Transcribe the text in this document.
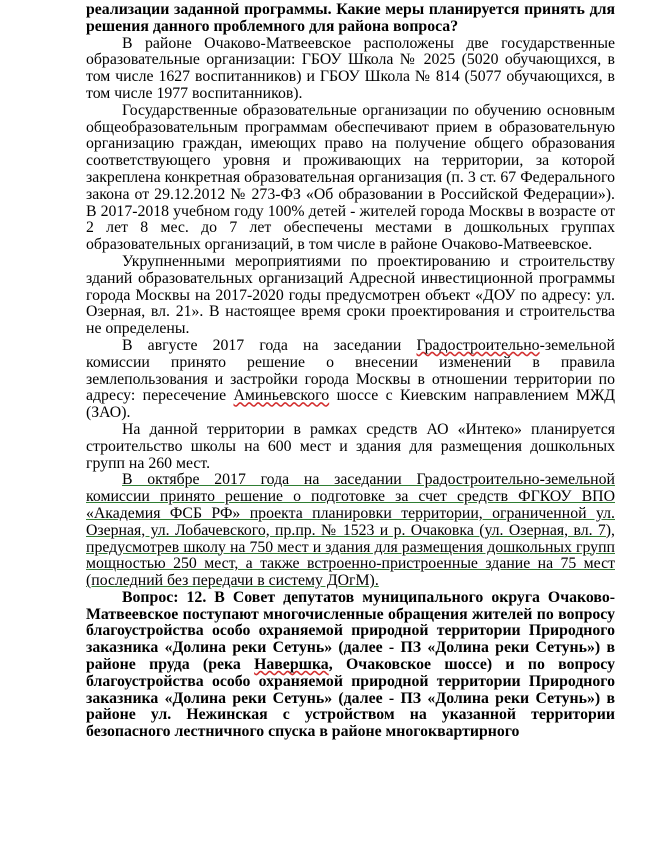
реализации заданной программы. Какие меры планируется принять для решения данного проблемного для района вопроса?

В районе Очаково-Матвеевское расположены две государственные образовательные организации: ГБОУ Школа № 2025 (5020 обучающихся, в том числе 1627 воспитанников) и ГБОУ Школа № 814 (5077 обучающихся, в том числе 1977 воспитанников).

Государственные образовательные организации по обучению основным общеобразовательным программам обеспечивают прием в образовательную организацию граждан, имеющих право на получение общего образования соответствующего уровня и проживающих на территории, за которой закреплена конкретная образовательная организация (п. 3 ст. 67 Федерального закона от 29.12.2012 № 273-ФЗ «Об образовании в Российской Федерации»). В 2017-2018 учебном году 100% детей - жителей города Москвы в возрасте от 2 лет 8 мес. до 7 лет обеспечены местами в дошкольных группах образовательных организаций, в том числе в районе Очаково-Матвеевское.

Укрупненными мероприятиями по проектированию и строительству зданий образовательных организаций Адресной инвестиционной программы города Москвы на 2017-2020 годы предусмотрен объект «ДОУ по адресу: ул. Озерная, вл. 21». В настоящее время сроки проектирования и строительства не определены.

В августе 2017 года на заседании Градостроительно-земельной комиссии принято решение о внесении изменений в правила землепользования и застройки города Москвы в отношении территории по адресу: пересечение Аминьевского шоссе с Киевским направлением МЖД (ЗАО).

На данной территории в рамках средств АО «Интеко» планируется строительство школы на 600 мест и здания для размещения дошкольных групп на 260 мест.

В октябре 2017 года на заседании Градостроительно-земельной комиссии принято решение о подготовке за счет средств ФГКОУ ВПО «Академия ФСБ РФ» проекта планировки территории, ограниченной ул. Озерная, ул. Лобачевского, пр.пр. № 1523 и р. Очаковка (ул. Озерная, вл. 7), предусмотрев школу на 750 мест и здания для размещения дошкольных групп мощностью 250 мест, а также встроенно-пристроенные здание на 75 мест (последний без передачи в систему ДОгМ).

Вопрос: 12. В Совет депутатов муниципального округа Очаково-Матвеевское поступают многочисленные обращения жителей по вопросу благоустройства особо охраняемой природной территории Природного заказника «Долина реки Сетунь» (далее - ПЗ «Долина реки Сетунь») в районе пруда (река Навершка, Очаковское шоссе) и по вопросу благоустройства особо охраняемой природной территории Природного заказника «Долина реки Сетунь» (далее - ПЗ «Долина реки Сетунь») в районе ул. Нежинская с устройством на указанной территории безопасного лестничного спуска в районе многоквартирного
